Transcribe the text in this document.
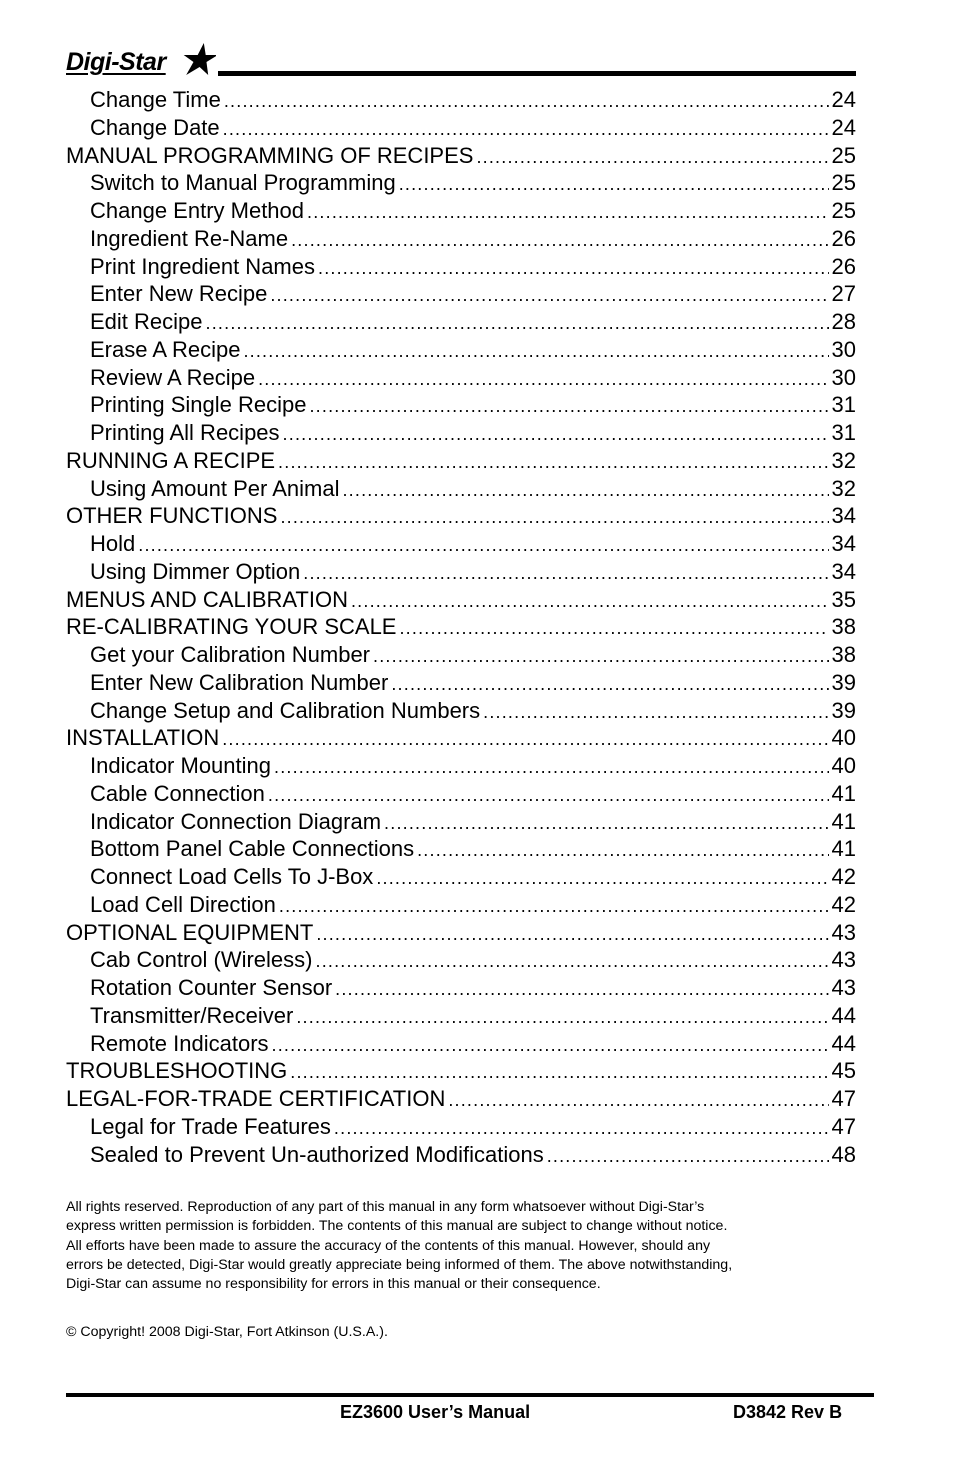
Digi-Star
Change Time .....	24
Change Date .....	24
MANUAL PROGRAMMING OF RECIPES .....	25
Switch to Manual Programming .....	25
Change Entry Method .....	25
Ingredient Re-Name .....	26
Print Ingredient Names .....	26
Enter New Recipe .....	27
Edit Recipe .....	28
Erase A Recipe .....	30
Review A Recipe .....	30
Printing Single Recipe .....	31
Printing All Recipes .....	31
RUNNING A RECIPE .....	32
Using Amount Per Animal .....	32
OTHER FUNCTIONS .....	34
Hold .....	34
Using Dimmer Option .....	34
MENUS AND CALIBRATION .....	35
RE-CALIBRATING YOUR SCALE .....	38
Get your Calibration Number .....	38
Enter New Calibration Number .....	39
Change Setup and Calibration Numbers .....	39
INSTALLATION .....	40
Indicator Mounting .....	40
Cable Connection .....	41
Indicator Connection Diagram .....	41
Bottom Panel Cable Connections .....	41
Connect Load Cells To J-Box .....	42
Load Cell Direction .....	42
OPTIONAL EQUIPMENT .....	43
Cab Control (Wireless) .....	43
Rotation Counter Sensor .....	43
Transmitter/Receiver .....	44
Remote Indicators .....	44
TROUBLESHOOTING .....	45
LEGAL-FOR-TRADE CERTIFICATION .....	47
Legal for Trade Features .....	47
Sealed to Prevent Un-authorized Modifications .....	48
All rights reserved. Reproduction of any part of this manual in any form whatsoever without Digi-Star’s
express written permission is forbidden. The contents of this manual are subject to change without notice.
All efforts have been made to assure the accuracy of the contents of this manual. However, should any
errors be detected, Digi-Star would greatly appreciate being informed of them. The above notwithstanding,
Digi-Star can assume no responsibility for errors in this manual or their consequence.
© Copyright! 2008 Digi-Star, Fort Atkinson (U.S.A.).
EZ3600 User’s Manual	D3842 Rev B
